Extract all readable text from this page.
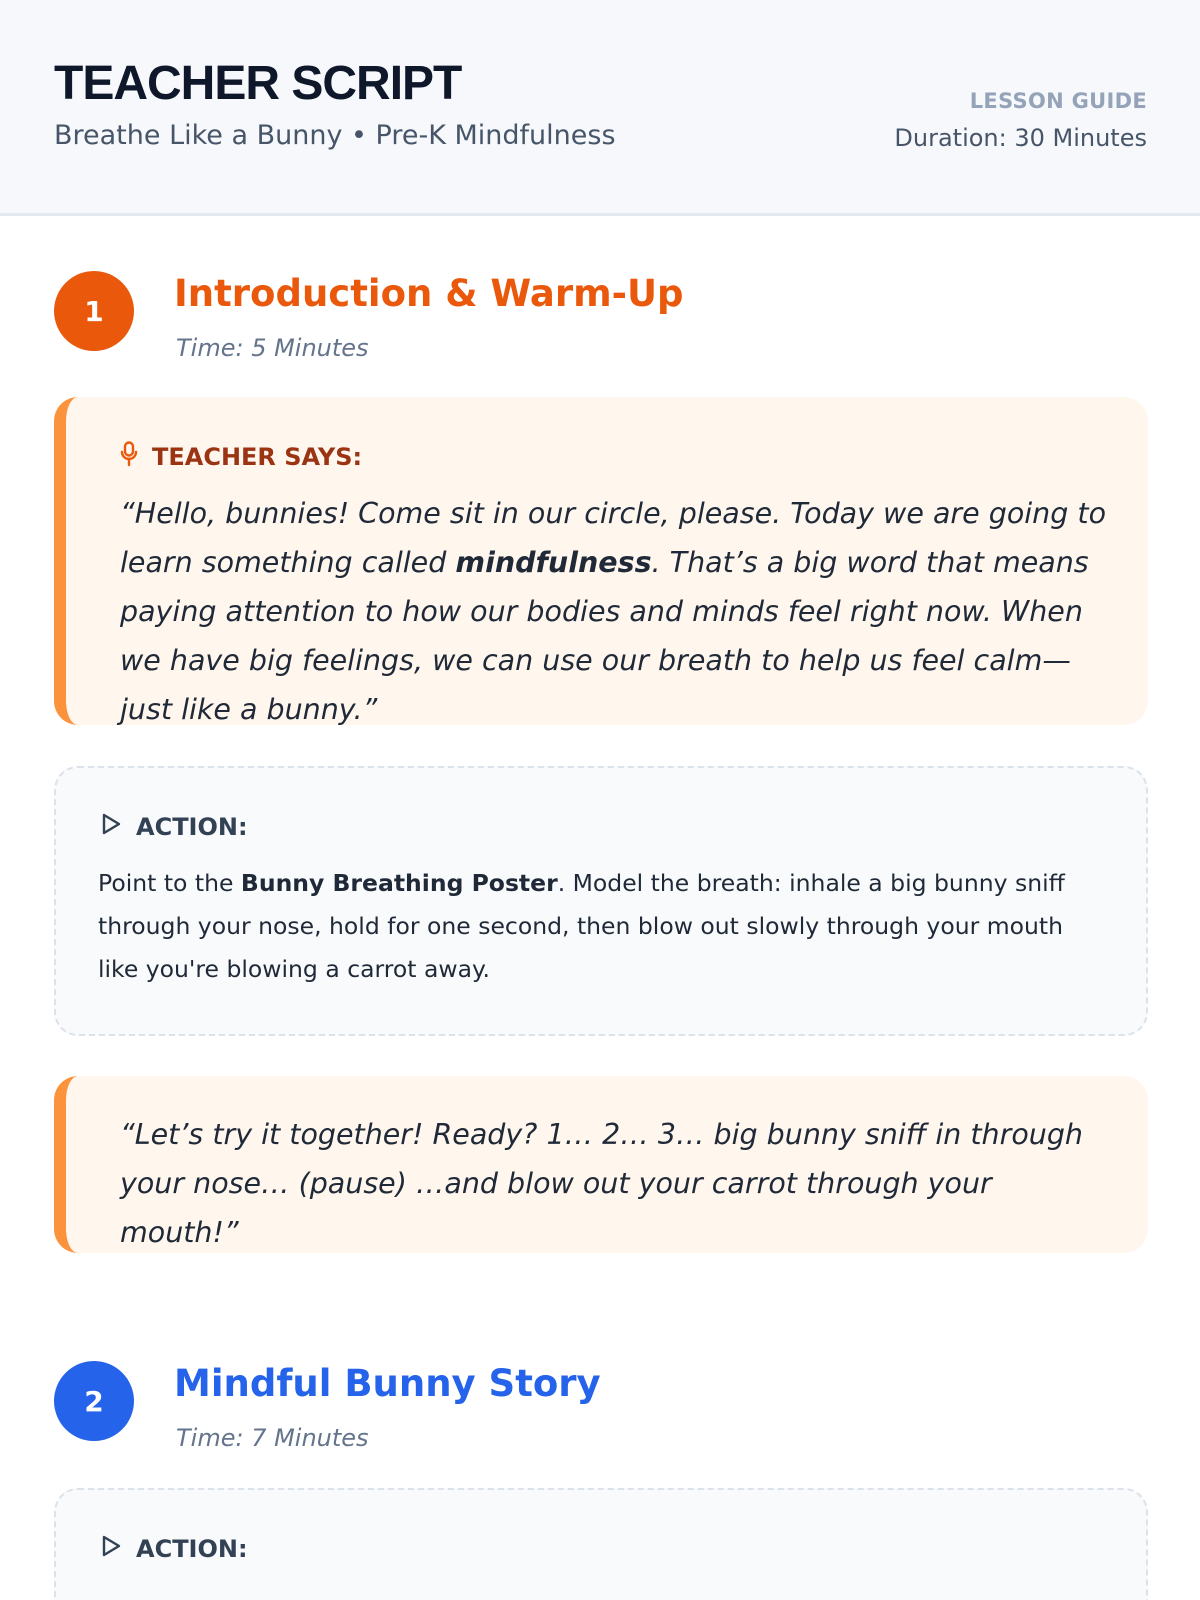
TEACHER SCRIPT
Breathe Like a Bunny • Pre-K Mindfulness
LESSON GUIDE
Duration: 30 Minutes
1	Introduction & Warm-Up
Time: 5 Minutes
TEACHER SAYS:
“Hello, bunnies! Come sit in our circle, please. Today we are going to learn something called mindfulness. That’s a big word that means paying attention to how our bodies and minds feel right now. When we have big feelings, we can use our breath to help us feel calm—just like a bunny.”
ACTION:
Point to the Bunny Breathing Poster. Model the breath: inhale a big bunny sniff through your nose, hold for one second, then blow out slowly through your mouth like you're blowing a carrot away.
“Let’s try it together! Ready? 1… 2… 3… big bunny sniff in through your nose… (pause) …and blow out your carrot through your mouth!”
2	Mindful Bunny Story
Time: 7 Minutes
ACTION:
